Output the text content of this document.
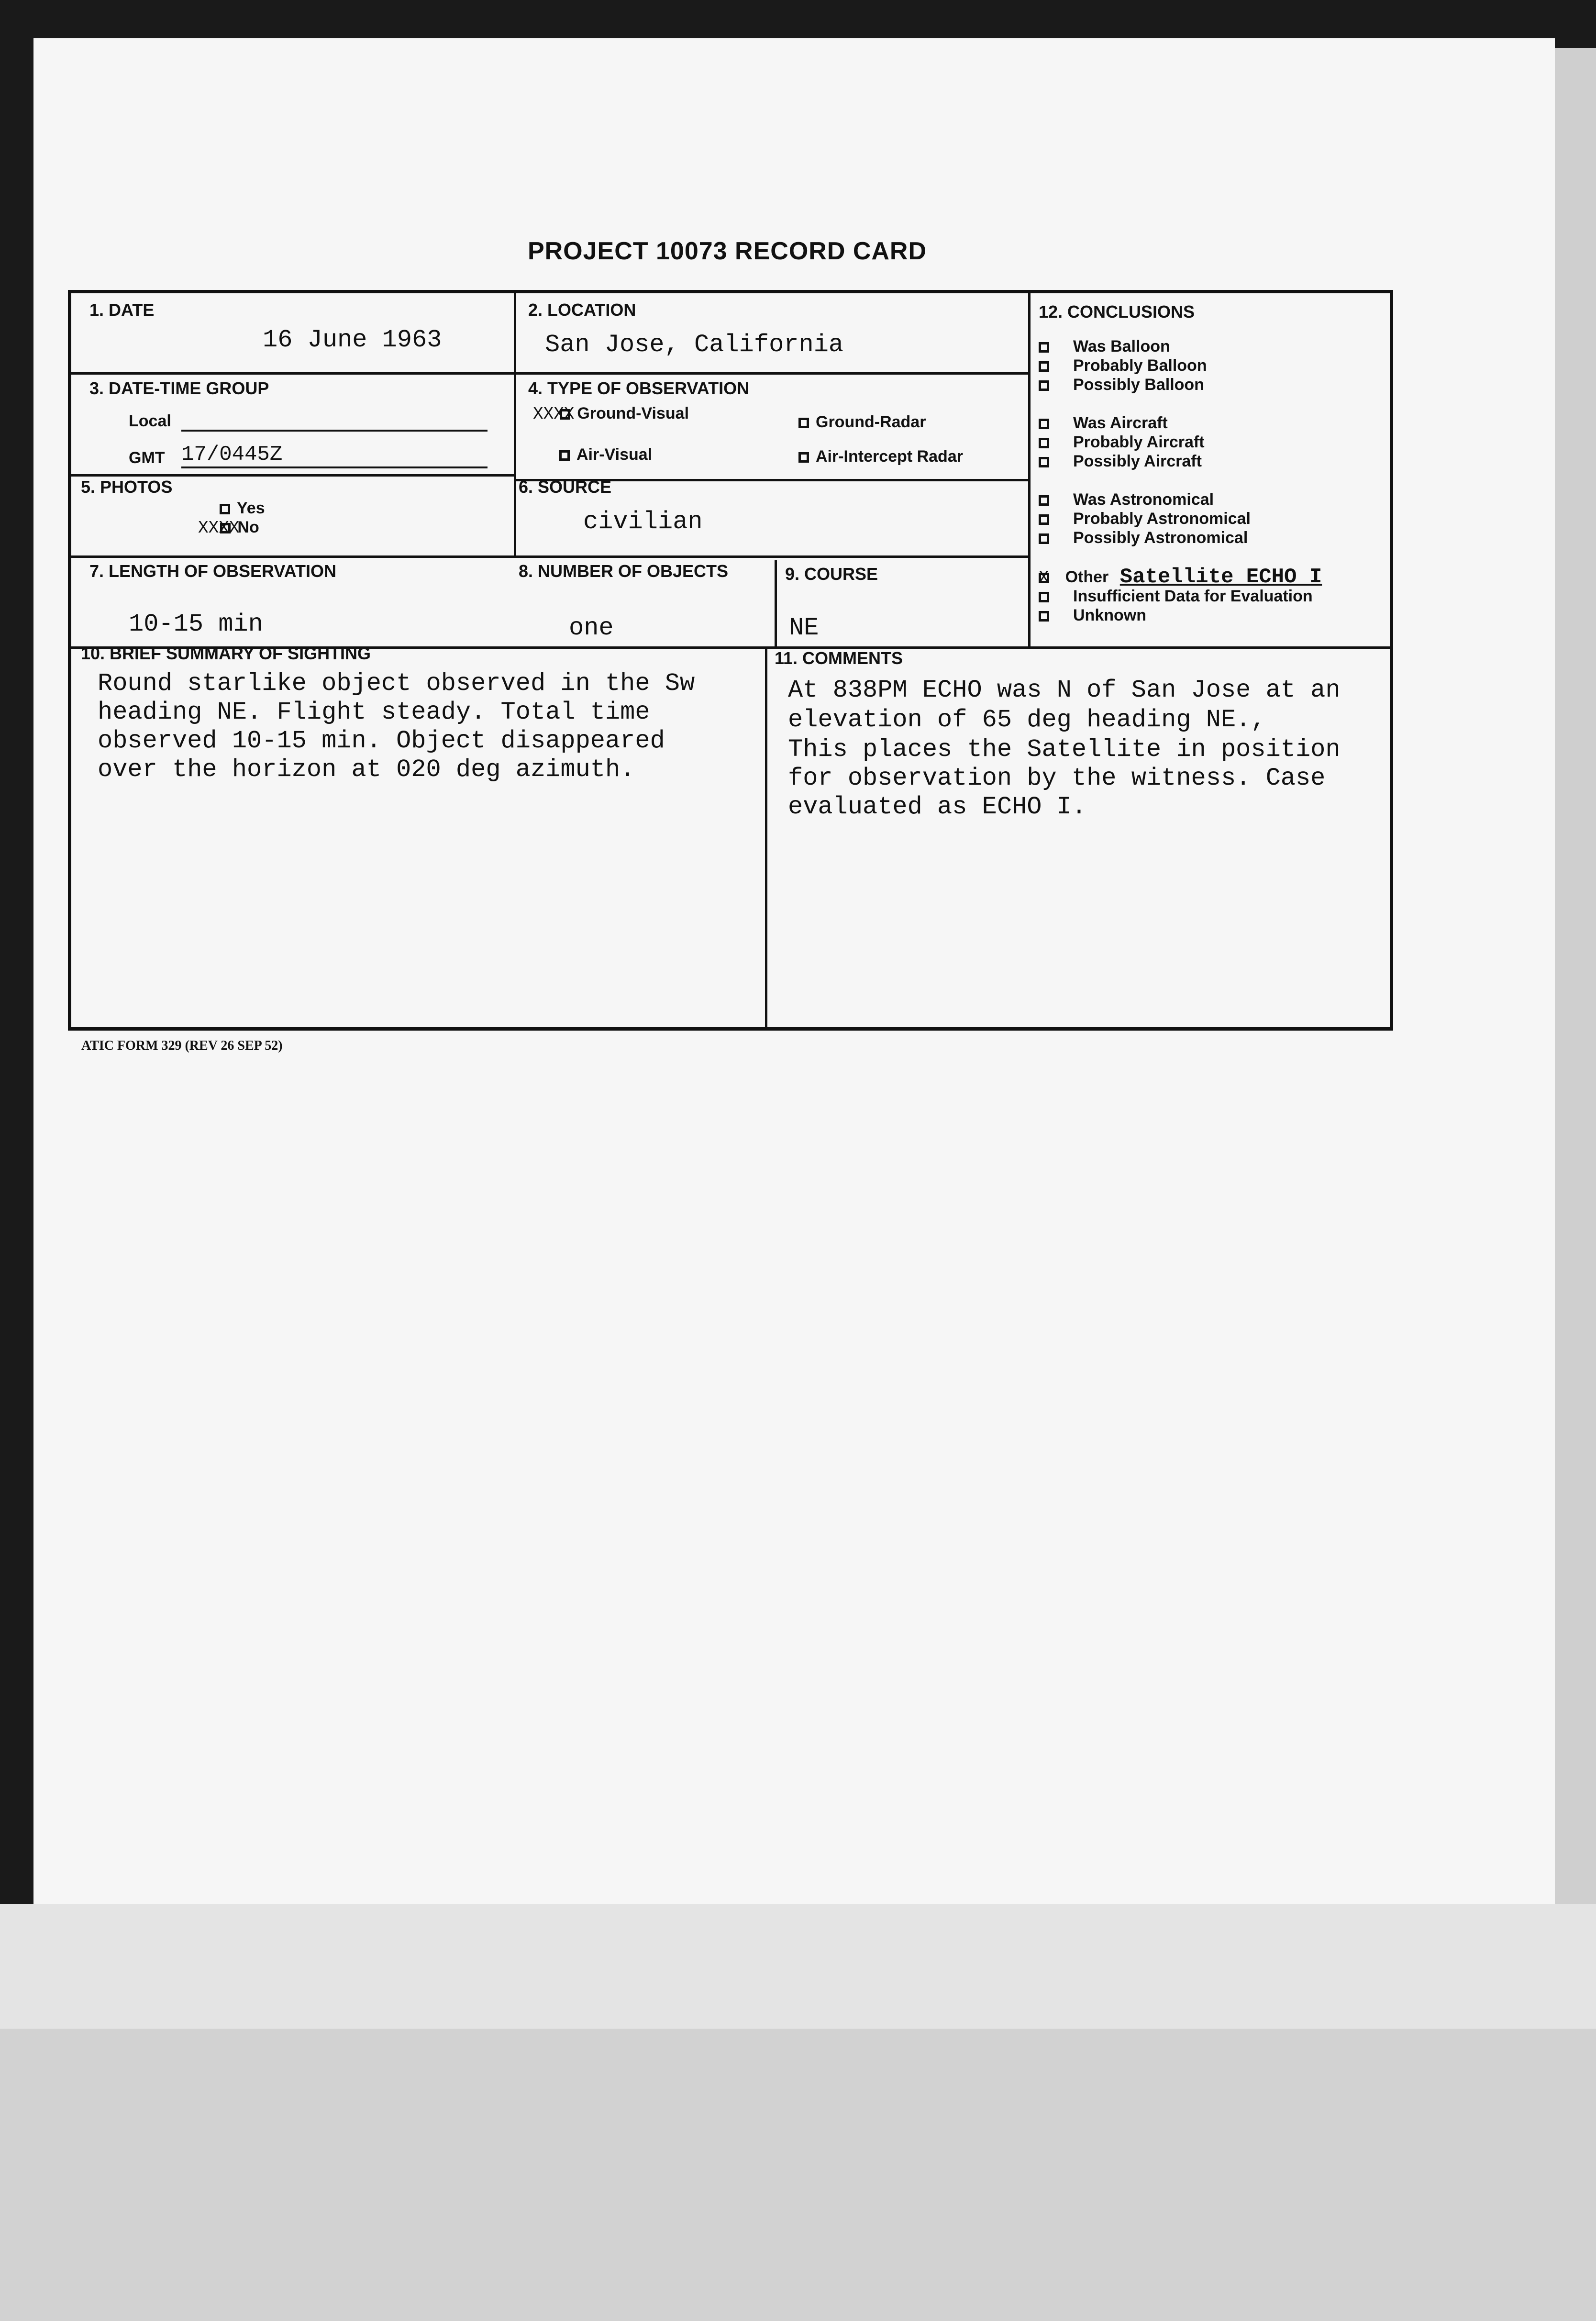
PROJECT 10073 RECORD CARD
1. DATE
16 June 1963
2. LOCATION
San Jose, California
3. DATE-TIME GROUP
Local
GMT 17/0445Z
4. TYPE OF OBSERVATION
XXXX Ground-Visual	Ground-Radar
Air-Visual	Air-Intercept Radar
5. PHOTOS
Yes
XXXXNo
6. SOURCE
civilian
7. LENGTH OF OBSERVATION
10-15 min
8. NUMBER OF OBJECTS
one
9. COURSE
NE
10. BRIEF SUMMARY OF SIGHTING
Round starlike object observed in the Sw
heading NE. Flight steady. Total time
observed 10-15 min. Object disappeared
over the horizon at 020 deg azimuth.
11. COMMENTS
At 838PM ECHO was N of San Jose at an
elevation of 65 deg heading NE.,
This places the Satellite in position
for observation by the witness. Case
evaluated as ECHO I.
12. CONCLUSIONS
Was Balloon
Probably Balloon
Possibly Balloon
Was Aircraft
Probably Aircraft
Possibly Aircraft
Was Astronomical
Probably Astronomical
Possibly Astronomical
X Other Satellite ECHO I
Insufficient Data for Evaluation
Unknown
ATIC FORM 329 (REV 26 SEP 52)
